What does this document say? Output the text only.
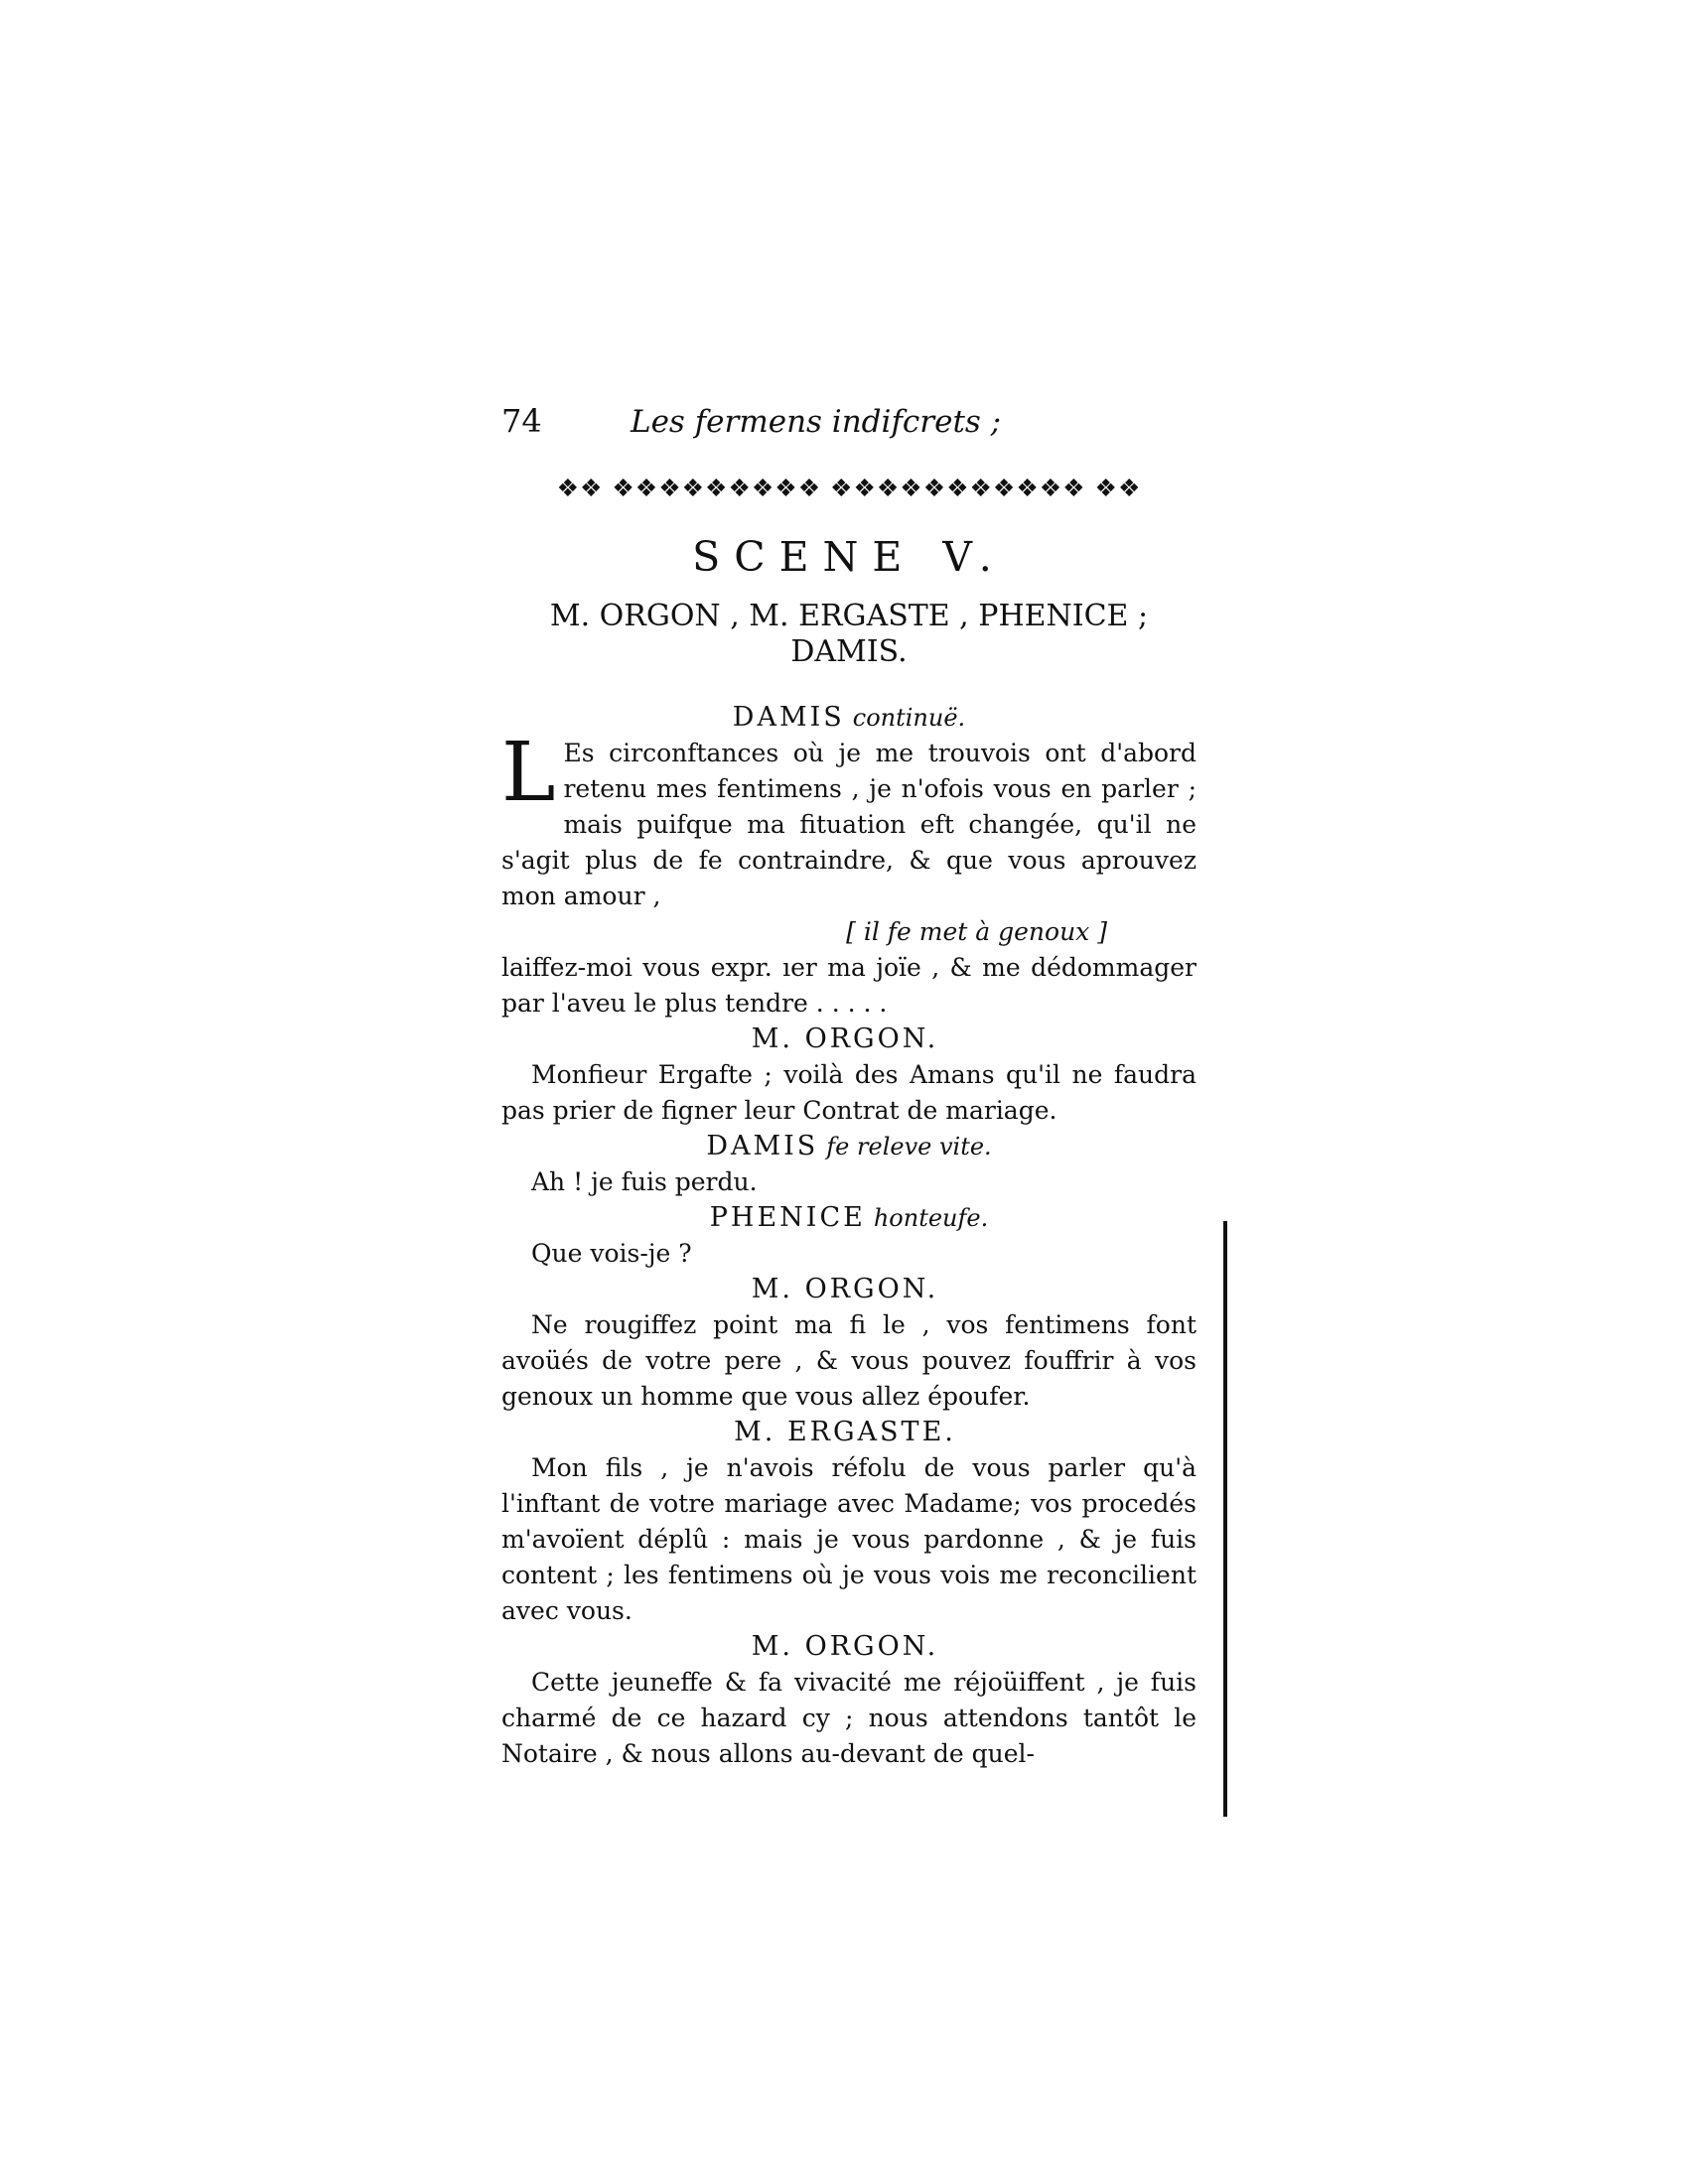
74	Les fermens indifcrets ;
❖❖ ❖❖❖❖❖❖❖❖❖ ❖❖❖❖❖❖❖❖❖❖❖ ❖❖
SCENE V.
M. ORGON , M. ERGASTE , PHENICE ;
DAMIS.
DAMIS continuë.

L Es circonftances où je me trouvois ont d'abord retenu mes fentimens , je n'ofois vous en parler ; mais puifque ma fituation eft changée, qu'il ne s'agit plus de fe contraindre, & que vous aprouvez mon amour ,

[ il fe met à genoux ]

laiffez-moi vous expr. ıer ma joïe , & me dédommager par l'aveu le plus tendre . . . . .

M. ORGON.

Monfieur Ergafte ; voilà des Amans qu'il ne faudra pas prier de figner leur Contrat de mariage.

DAMIS fe releve vite.

Ah ! je fuis perdu.

PHENICE honteufe.

Que vois-je ?

M. ORGON.

Ne rougiffez point ma fi le , vos fentimens font avoüés de votre pere , & vous pouvez fouffrir à vos genoux un homme que vous allez époufer.

M. ERGASTE.

Mon fils , je n'avois réfolu de vous parler qu'à l'inftant de votre mariage avec Madame; vos procedés m'avoïent déplû : mais je vous pardonne , & je fuis content ; les fentimens où je vous vois me reconcilient avec vous.

M. ORGON.

Cette jeuneffe & fa vivacité me réjoüiffent , je fuis charmé de ce hazard cy ; nous attendons tantôt le Notaire , & nous allons au-devant de quel-
